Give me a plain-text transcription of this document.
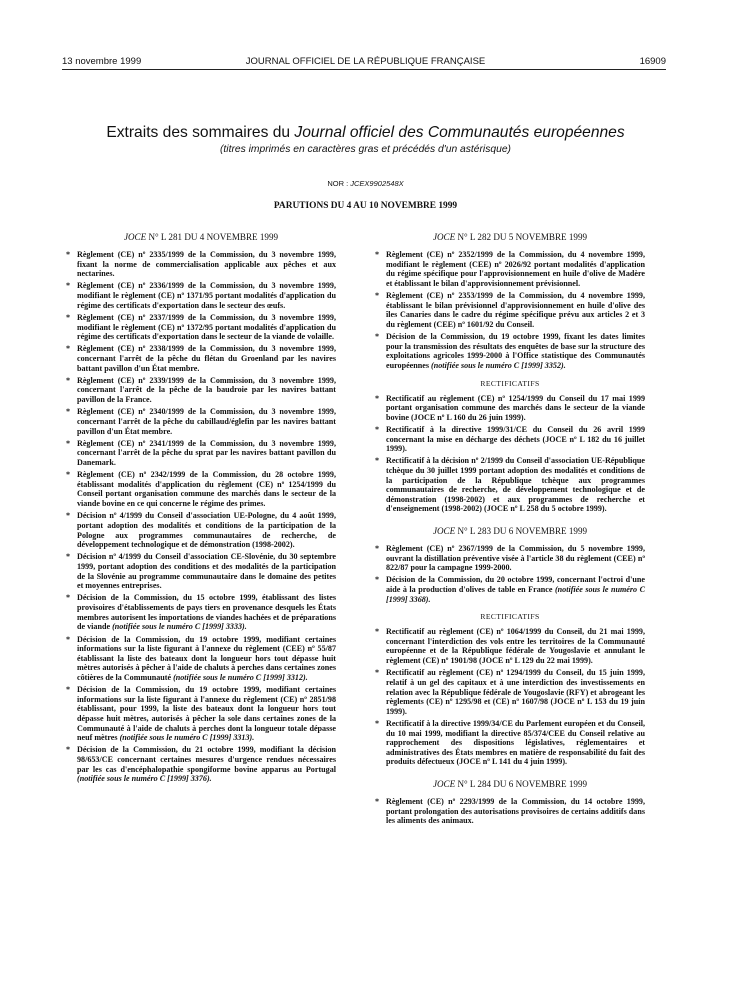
13 novembre 1999	JOURNAL OFFICIEL DE LA RÉPUBLIQUE FRANÇAISE	16909
Extraits des sommaires du Journal officiel des Communautés européennes
(titres imprimés en caractères gras et précédés d'un astérisque)
NOR : JCEX9902548X
PARUTIONS DU 4 AU 10 NOVEMBRE 1999
JOCE N° L 281 DU 4 NOVEMBRE 1999
* Règlement (CE) nº 2335/1999 de la Commission, du 3 novembre 1999, fixant la norme de commercialisation applicable aux pêches et aux nectarines.
* Règlement (CE) nº 2336/1999 de la Commission, du 3 novembre 1999, modifiant le règlement (CE) nº 1371/95 portant modalités d'application du régime des certificats d'exportation dans le secteur des œufs.
* Règlement (CE) nº 2337/1999 de la Commission, du 3 novembre 1999, modifiant le règlement (CE) nº 1372/95 portant modalités d'application du régime des certificats d'exportation dans le secteur de la viande de volaille.
* Règlement (CE) nº 2338/1999 de la Commission, du 3 novembre 1999, concernant l'arrêt de la pêche du flétan du Groenland par les navires battant pavillon d'un État membre.
* Règlement (CE) nº 2339/1999 de la Commission, du 3 novembre 1999, concernant l'arrêt de la pêche de la baudroie par les navires battant pavillon de la France.
* Règlement (CE) nº 2340/1999 de la Commission, du 3 novembre 1999, concernant l'arrêt de la pêche du cabillaud/églefin par les navires battant pavillon d'un État membre.
* Règlement (CE) nº 2341/1999 de la Commission, du 3 novembre 1999, concernant l'arrêt de la pêche du sprat par les navires battant pavillon du Danemark.
* Règlement (CE) nº 2342/1999 de la Commission, du 28 octobre 1999, établissant modalités d'application du règlement (CE) nº 1254/1999 du Conseil portant organisation commune des marchés dans le secteur de la viande bovine en ce qui concerne le régime des primes.
* Décision nº 4/1999 du Conseil d'association UE-Pologne, du 4 août 1999, portant adoption des modalités et conditions de la participation de la Pologne aux programmes communautaires de recherche, de développement technologique et de démonstration (1998-2002).
* Décision nº 4/1999 du Conseil d'association CE-Slovénie, du 30 septembre 1999, portant adoption des conditions et des modalités de la participation de la Slovénie au programme communautaire dans le domaine des petites et moyennes entreprises.
* Décision de la Commission, du 15 octobre 1999, établissant des listes provisoires d'établissements de pays tiers en provenance desquels les États membres autorisent les importations de viandes hachées et de préparations de viande (notifiée sous le numéro C [1999] 3333).
* Décision de la Commission, du 19 octobre 1999, modifiant certaines informations sur la liste figurant à l'annexe du règlement (CEE) nº 55/87 établissant la liste des bateaux dont la longueur hors tout dépasse huit mètres autorisés à pêcher à l'aide de chaluts à perches dans certaines zones côtières de la Communauté (notifiée sous le numéro C [1999] 3312).
* Décision de la Commission, du 19 octobre 1999, modifiant certaines informations sur la liste figurant à l'annexe du règlement (CE) nº 2851/98 établissant, pour 1999, la liste des bateaux dont la longueur hors tout dépasse huit mètres, autorisés à pêcher la sole dans certaines zones de la Communauté à l'aide de chaluts à perches dont la longueur totale dépasse neuf mètres (notifiée sous le numéro C [1999] 3313).
* Décision de la Commission, du 21 octobre 1999, modifiant la décision 98/653/CE concernant certaines mesures d'urgence rendues nécessaires par les cas d'encéphalopathie spongiforme bovine apparus au Portugal (notifiée sous le numéro C [1999] 3376).
JOCE N° L 282 DU 5 NOVEMBRE 1999
* Règlement (CE) nº 2352/1999 de la Commission, du 4 novembre 1999, modifiant le règlement (CEE) nº 2026/92 portant modalités d'application du régime spécifique pour l'approvisionnement en huile d'olive de Madère et établissant le bilan d'approvisionnement prévisionnel.
* Règlement (CE) nº 2353/1999 de la Commission, du 4 novembre 1999, établissant le bilan prévisionnel d'approvisionnement en huile d'olive des îles Canaries dans le cadre du régime spécifique prévu aux articles 2 et 3 du règlement (CEE) nº 1601/92 du Conseil.
* Décision de la Commission, du 19 octobre 1999, fixant les dates limites pour la transmission des résultats des enquêtes de base sur la structure des exploitations agricoles 1999-2000 à l'Office statistique des Communautés européennes (notifiée sous le numéro C [1999] 3352).
RECTIFICATIFS
* Rectificatif au règlement (CE) nº 1254/1999 du Conseil du 17 mai 1999 portant organisation commune des marchés dans le secteur de la viande bovine (JOCE nº L 160 du 26 juin 1999).
* Rectificatif à la directive 1999/31/CE du Conseil du 26 avril 1999 concernant la mise en décharge des déchets (JOCE nº L 182 du 16 juillet 1999).
* Rectificatif à la décision nº 2/1999 du Conseil d'association UE-République tchèque du 30 juillet 1999 portant adoption des modalités et conditions de la participation de la République tchèque aux programmes communautaires de recherche, de développement technologique et de démonstration (1998-2002) et aux programmes de recherche et d'enseignement (1998-2002) (JOCE nº L 258 du 5 octobre 1999).
JOCE N° L 283 DU 6 NOVEMBRE 1999
* Règlement (CE) nº 2367/1999 de la Commission, du 5 novembre 1999, ouvrant la distillation préventive visée à l'article 38 du règlement (CEE) nº 822/87 pour la campagne 1999-2000.
* Décision de la Commission, du 20 octobre 1999, concernant l'octroi d'une aide à la production d'olives de table en France (notifiée sous le numéro C [1999] 3368).
RECTIFICATIFS
* Rectificatif au règlement (CE) nº 1064/1999 du Conseil, du 21 mai 1999, concernant l'interdiction des vols entre les territoires de la Communauté européenne et de la République fédérale de Yougoslavie et annulant le règlement (CE) nº 1901/98 (JOCE nº L 129 du 22 mai 1999).
* Rectificatif au règlement (CE) nº 1294/1999 du Conseil, du 15 juin 1999, relatif à un gel des capitaux et à une interdiction des investissements en relation avec la République fédérale de Yougoslavie (RFY) et abrogeant les règlements (CE) nº 1295/98 et (CE) nº 1607/98 (JOCE nº L 153 du 19 juin 1999).
* Rectificatif à la directive 1999/34/CE du Parlement européen et du Conseil, du 10 mai 1999, modifiant la directive 85/374/CEE du Conseil relative au rapprochement des dispositions législatives, réglementaires et administratives des États membres en matière de responsabilité du fait des produits défectueux (JOCE nº L 141 du 4 juin 1999).
JOCE N° L 284 DU 6 NOVEMBRE 1999
* Règlement (CE) nº 2293/1999 de la Commission, du 14 octobre 1999, portant prolongation des autorisations provisoires de certains additifs dans les aliments des animaux.
